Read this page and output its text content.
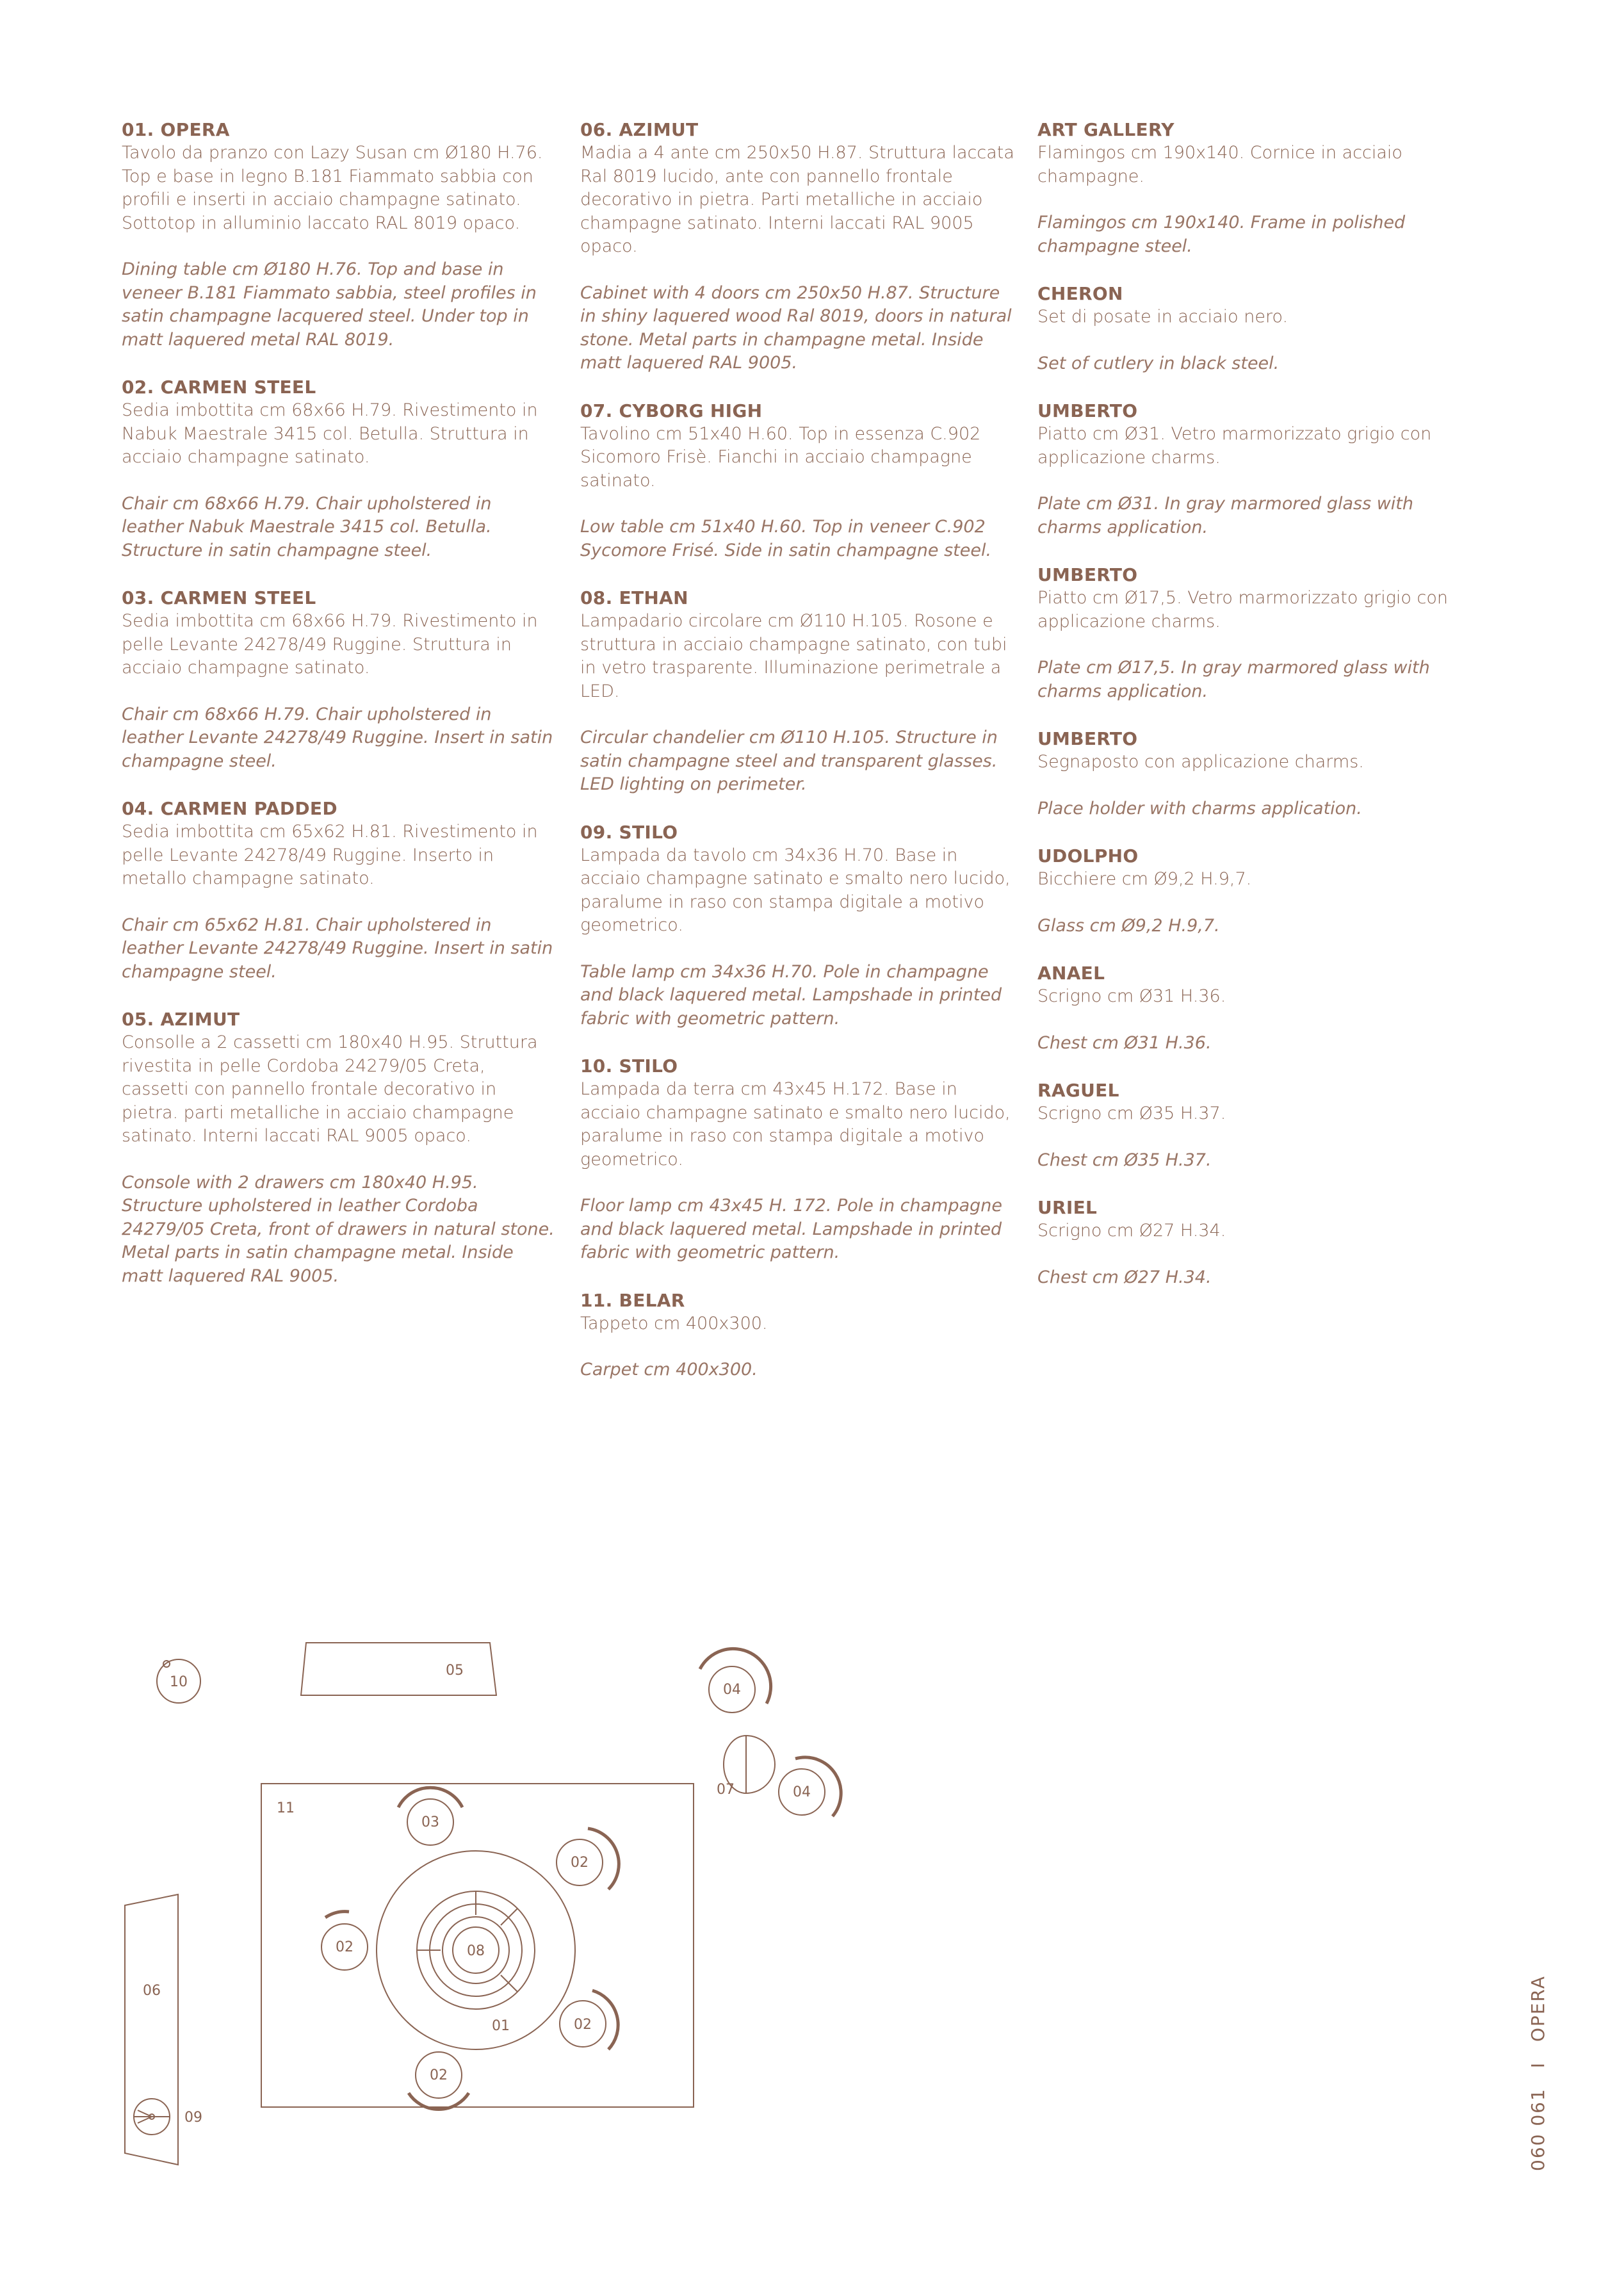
01. OPERA

Tavolo da pranzo con Lazy Susan cm Ø180 H.76. Top e base in legno B.181 Fiammato sabbia con profili e inserti in acciaio champagne satinato. Sottotop in alluminio laccato RAL 8019 opaco.

Dining table cm Ø180 H.76. Top and base in veneer B.181 Fiammato sabbia, steel profiles in satin champagne lacquered steel. Under top in matt laquered metal RAL 8019.

02. CARMEN STEEL

Sedia imbottita cm 68x66 H.79. Rivestimento in Nabuk Maestrale 3415 col. Betulla. Struttura in acciaio champagne satinato.

Chair cm 68x66 H.79. Chair upholstered in leather Nabuk Maestrale 3415 col. Betulla. Structure in satin champagne steel.

03. CARMEN STEEL

Sedia imbottita cm 68x66 H.79. Rivestimento in pelle Levante 24278/49 Ruggine. Struttura in acciaio champagne satinato.

Chair cm 68x66 H.79. Chair upholstered in leather Levante 24278/49 Ruggine. Insert in satin champagne steel.

04. CARMEN PADDED

Sedia imbottita cm 65x62 H.81. Rivestimento in pelle Levante 24278/49 Ruggine. Inserto in metallo champagne satinato.

Chair cm 65x62 H.81. Chair upholstered in leather Levante 24278/49 Ruggine. Insert in satin champagne steel.

05. AZIMUT

Consolle a 2 cassetti cm 180x40 H.95. Struttura rivestita in pelle Cordoba 24279/05 Creta, cassetti con pannello frontale decorativo in pietra. parti metalliche in acciaio champagne satinato. Interni laccati RAL 9005 opaco.

Console with 2 drawers cm 180x40 H.95. Structure upholstered in leather Cordoba 24279/05 Creta, front of drawers in natural stone. Metal parts in satin champagne metal. Inside matt laquered RAL 9005.

06. AZIMUT

Madia a 4 ante cm 250x50 H.87. Struttura laccata Ral 8019 lucido, ante con pannello frontale decorativo in pietra. Parti metalliche in acciaio champagne satinato. Interni laccati RAL 9005 opaco.

Cabinet with 4 doors cm 250x50 H.87. Structure in shiny laquered wood Ral 8019, doors in natural stone. Metal parts in champagne metal. Inside matt laquered RAL 9005.

07. CYBORG HIGH

Tavolino cm 51x40 H.60. Top in essenza C.902 Sicomoro Frisè. Fianchi in acciaio champagne satinato.

Low table cm 51x40 H.60. Top in veneer C.902 Sycomore Frisé. Side in satin champagne steel.

08. ETHAN

Lampadario circolare cm Ø110 H.105. Rosone e struttura in acciaio champagne satinato, con tubi in vetro trasparente. Illuminazione perimetrale a LED.

Circular chandelier cm Ø110 H.105. Structure in satin champagne steel and transparent glasses. LED lighting on perimeter.

09. STILO

Lampada da tavolo cm 34x36 H.70. Base in acciaio champagne satinato e smalto nero lucido, paralume in raso con stampa digitale a motivo geometrico.

Table lamp cm 34x36 H.70. Pole in champagne and black laquered metal. Lampshade in printed fabric with geometric pattern.

10. STILO

Lampada da terra cm 43x45 H.172. Base in acciaio champagne satinato e smalto nero lucido, paralume in raso con stampa digitale a motivo geometrico.

Floor lamp cm 43x45 H. 172. Pole in champagne and black laquered metal. Lampshade in printed fabric with geometric pattern.

11. BELAR

Tappeto cm 400x300.

Carpet cm 400x300.

ART GALLERY

Flamingos cm 190x140. Cornice in acciaio champagne.

Flamingos cm 190x140. Frame in polished champagne steel.

CHERON

Set di posate in acciaio nero.

Set of cutlery in black steel.

UMBERTO

Piatto cm Ø31. Vetro marmorizzato grigio con applicazione charms.

Plate cm Ø31. In gray marmored glass with charms application.

UMBERTO

Piatto cm Ø17,5. Vetro marmorizzato grigio con applicazione charms.

Plate cm Ø17,5. In gray marmored glass with charms application.

UMBERTO

Segnaposto con applicazione charms.

Place holder with charms application.

UDOLPHO

Bicchiere cm Ø9,2 H.9,7.

Glass cm Ø9,2 H.9,7.

ANAEL

Scrigno cm Ø31 H.36.

Chest cm Ø31 H.36.

RAGUEL

Scrigno cm Ø35 H.37.

Chest cm Ø35 H.37.

URIEL

Scrigno cm Ø27 H.34.

Chest cm Ø27 H.34.

10
05
04
07	04
11
01
08
03
02
02
06
02
02
09	060 061 I OPERA
